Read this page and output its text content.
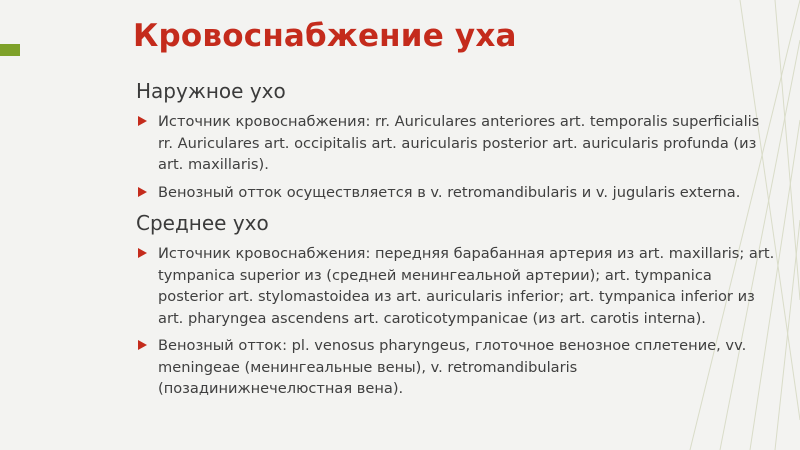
Кровоснабжение уха
Наружное ухо
Источник кровоснабжения: rr. Auriculares anteriores art. temporalis superficialis rr. Auriculares art. occipitalis art. auricularis posterior art. auricularis profunda (из art. maxillaris).
Венозный отток осуществляется в v. retromandibularis и v. jugularis externa.
Среднее ухо
Источник кровоснабжения: передняя барабанная артерия из art. maxillaris; art. tympanica superior из (средней менингеальной артерии); art. tympanica posterior art. stylomastoidea из art. auricularis inferior; art. tympanica inferior из art. pharyngea ascendens art. caroticotympanicae (из art. carotis interna).
Венозный отток: pl. venosus pharyngeus, глоточное венозное сплетение, vv. meningeae (менингеальные вены), v. retromandibularis (позадинижнечелюстная вена).
